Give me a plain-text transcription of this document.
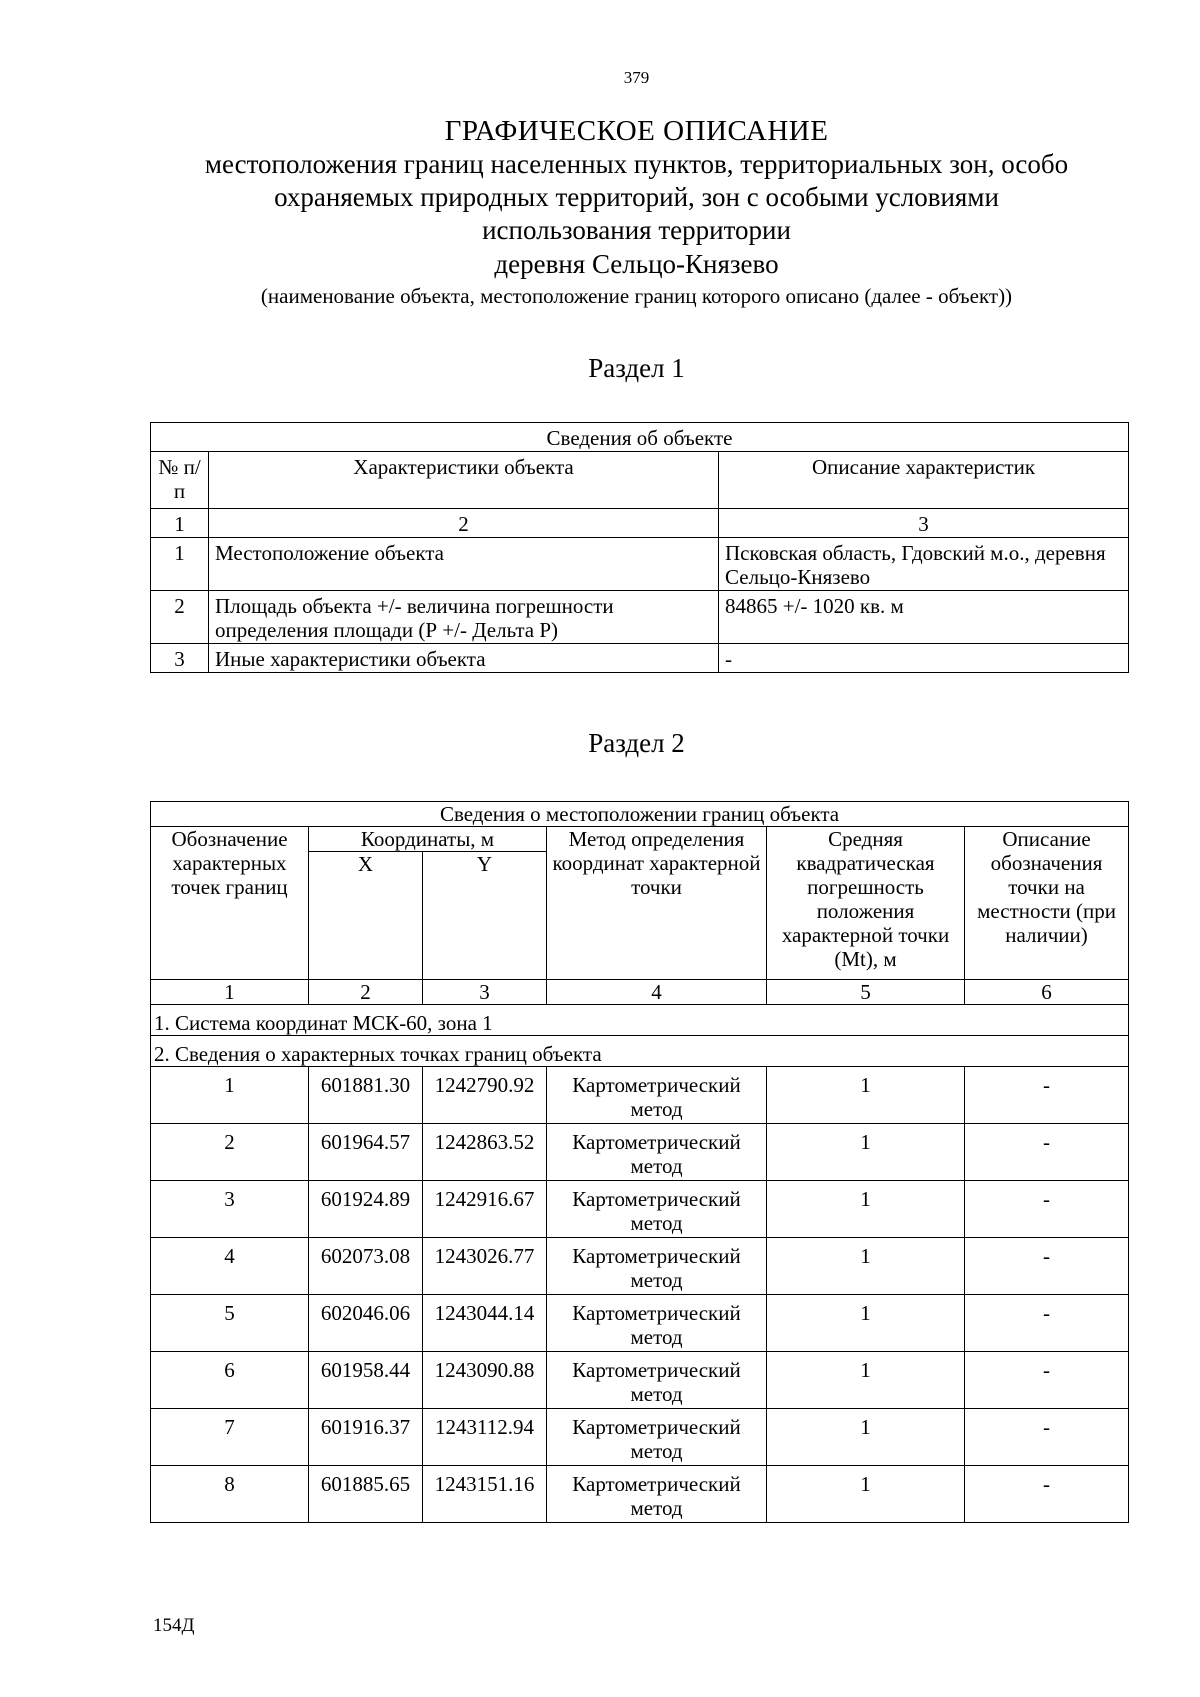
379
ГРАФИЧЕСКОЕ ОПИСАНИЕ
местоположения границ населенных пунктов, территориальных зон, особо
охраняемых природных территорий, зон с особыми условиями
использования территории
деревня Сельцо-Князево
(наименование объекта, местоположение границ которого описано (далее - объект))
Раздел 1
Сведения об объекте		
№ п/п	Характеристики объекта	Описание характеристик
1	2	3
1	Местоположение объекта	Псковская область, Гдовский м.о., деревня Сельцо-Князево
2	Площадь объекта +/- величина погрешности определения площади (Р +/- Дельта Р)	84865 +/- 1020 кв. м
3	Иные характеристики объекта	-
Раздел 2
Сведения о местоположении границ объекта					
Обозначение характерных точек границ	Координаты, м		Метод определения координат характерной точки	Средняя квадратическая погрешность положения характерной точки (Mt), м	Описание обозначения точки на местности (при наличии)
	X	Y			
1	2	3	4	5	6
1. Система координат МСК-60, зона 1					
2. Сведения о характерных точках границ объекта					
1	601881.30	1242790.92	Картометрический метод	1	-
2	601964.57	1242863.52	Картометрический метод	1	-
3	601924.89	1242916.67	Картометрический метод	1	-
4	602073.08	1243026.77	Картометрический метод	1	-
5	602046.06	1243044.14	Картометрический метод	1	-
6	601958.44	1243090.88	Картометрический метод	1	-
7	601916.37	1243112.94	Картометрический метод	1	-
8	601885.65	1243151.16	Картометрический метод	1	-
154Д
